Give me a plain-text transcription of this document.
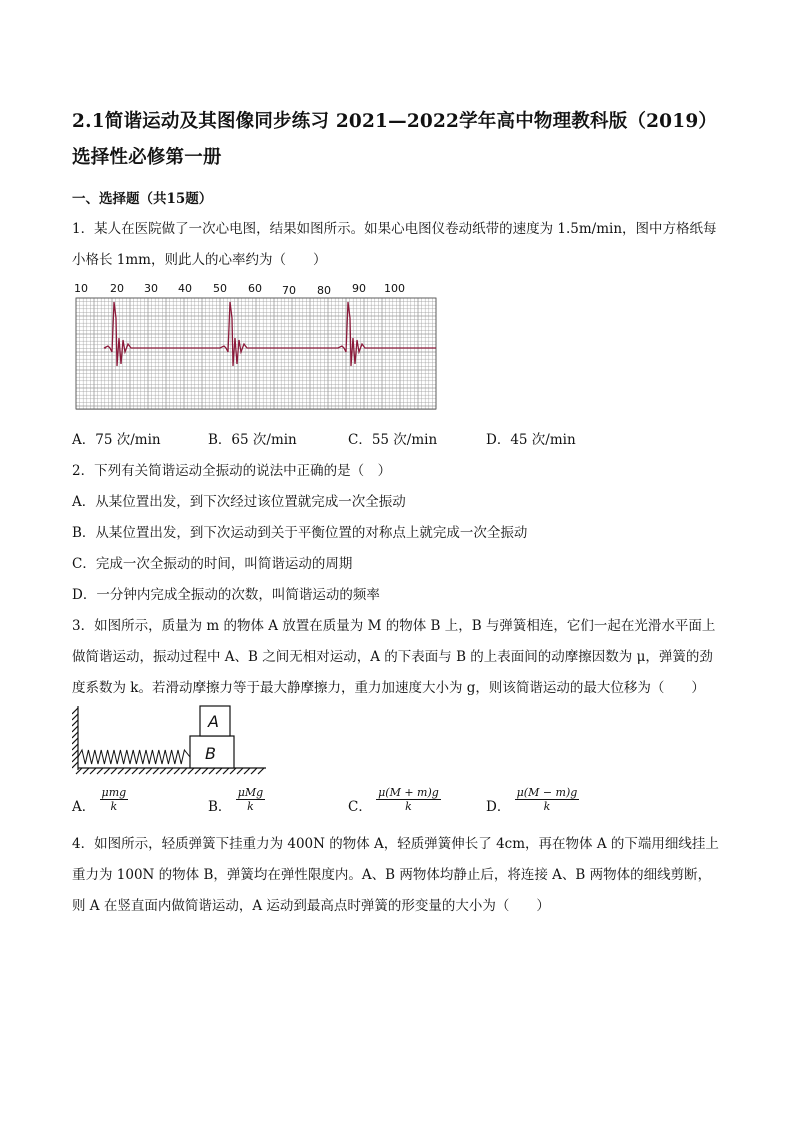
2.1简谐运动及其图像同步练习 2021—2022学年高中物理教科版（2019）
选择性必修第一册
一、选择题（共15题）
1．某人在医院做了一次心电图，结果如图所示。如果心电图仪卷动纸带的速度为 1.5m/min，图中方格纸每
小格长 1mm，则此人的心率约为（　　）
10 20 30 40 50 60 70 80 90 100
A．75 次/min	B．65 次/min	C．55 次/min	D．45 次/min
2．下列有关简谐运动全振动的说法中正确的是（　）
A．从某位置出发，到下次经过该位置就完成一次全振动
B．从某位置出发，到下次运动到关于平衡位置的对称点上就完成一次全振动
C．完成一次全振动的时间，叫简谐运动的周期
D．一分钟内完成全振动的次数，叫简谐运动的频率
3．如图所示，质量为 m 的物体 A 放置在质量为 M 的物体 B 上，B 与弹簧相连，它们一起在光滑水平面上
做简谐运动，振动过程中 A、B 之间无相对运动，A 的下表面与 B 的上表面间的动摩擦因数为 μ，弹簧的劲
度系数为 k。若滑动摩擦力等于最大静摩擦力，重力加速度大小为 g，则该简谐运动的最大位移为（　　）
A
B
A． $\frac{\text{μmg}}{k}$	B． $\frac{\text{μMg}}{k}$	C． $\frac{\mu(M + m)g}{k}$	D． $\frac{\mu(M - m)g}{k}$
4．如图所示，轻质弹簧下挂重力为 400N 的物体 A，轻质弹簧伸长了 4cm，再在物体 A 的下端用细线挂上
重力为 100N 的物体 B，弹簧均在弹性限度内。A、B 两物体均静止后，将连接 A、B 两物体的细线剪断，
则 A 在竖直面内做简谐运动，A 运动到最高点时弹簧的形变量的大小为（　　）
